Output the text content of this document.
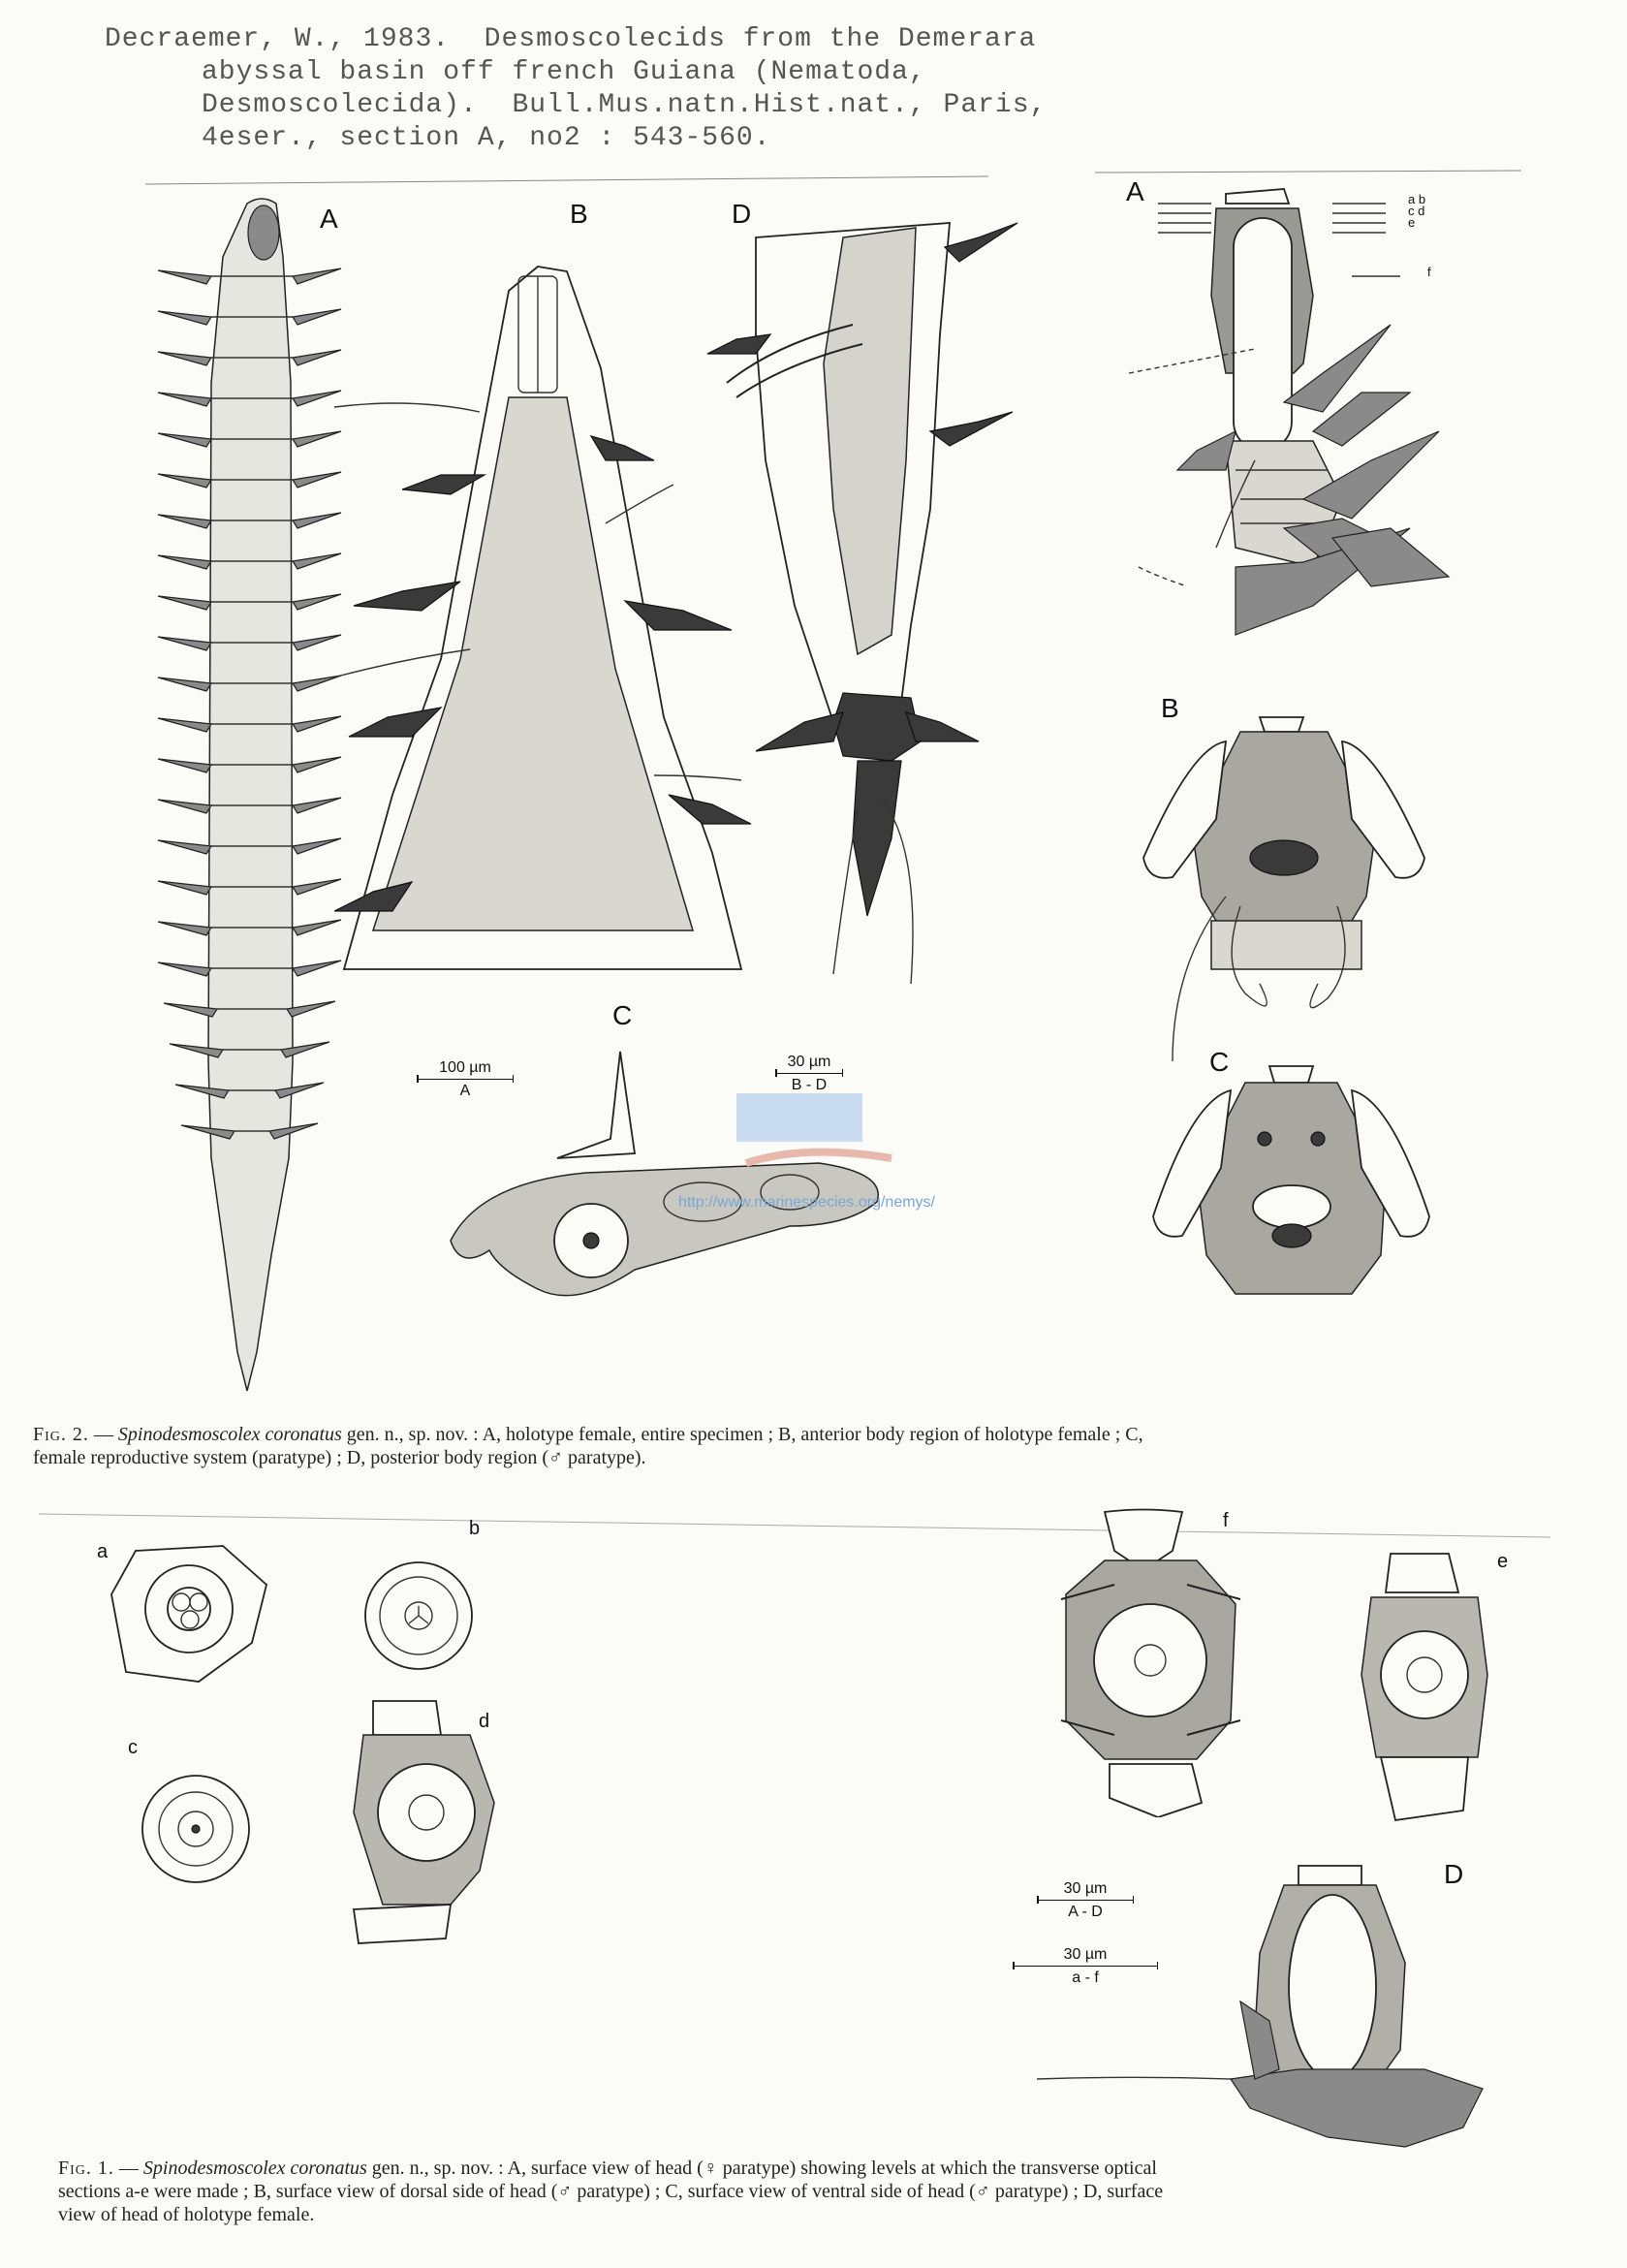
Decraemer, W., 1983.  Desmoscolecids from the Demerara
abyssal basin off french Guiana (Nematoda,
Desmoscolecida).  Bull.Mus.natn.Hist.nat., Paris,
4eser., section A, no2 : 543-560.
A	B	D
C
http://www.marinespecies.org/nemys/
100 µm
A
30 µm
B - D
A	a b
c d
e
f
B
C
Fig. 2. — Spinodesmoscolex coronatus gen. n., sp. nov. : A, holotype female, entire specimen ; B, anterior body region of holotype female ; C, female reproductive system (paratype) ; D, posterior body region (♂ paratype).
a
b
c
d
f
e
30 µm
A - D
30 µm
a - f
D
Fig. 1. — Spinodesmoscolex coronatus gen. n., sp. nov. : A, surface view of head (♀ paratype) showing levels at which the transverse optical sections a-e were made ; B, surface view of dorsal side of head (♂ paratype) ; C, surface view of ventral side of head (♂ paratype) ; D, surface view of head of holotype female.
